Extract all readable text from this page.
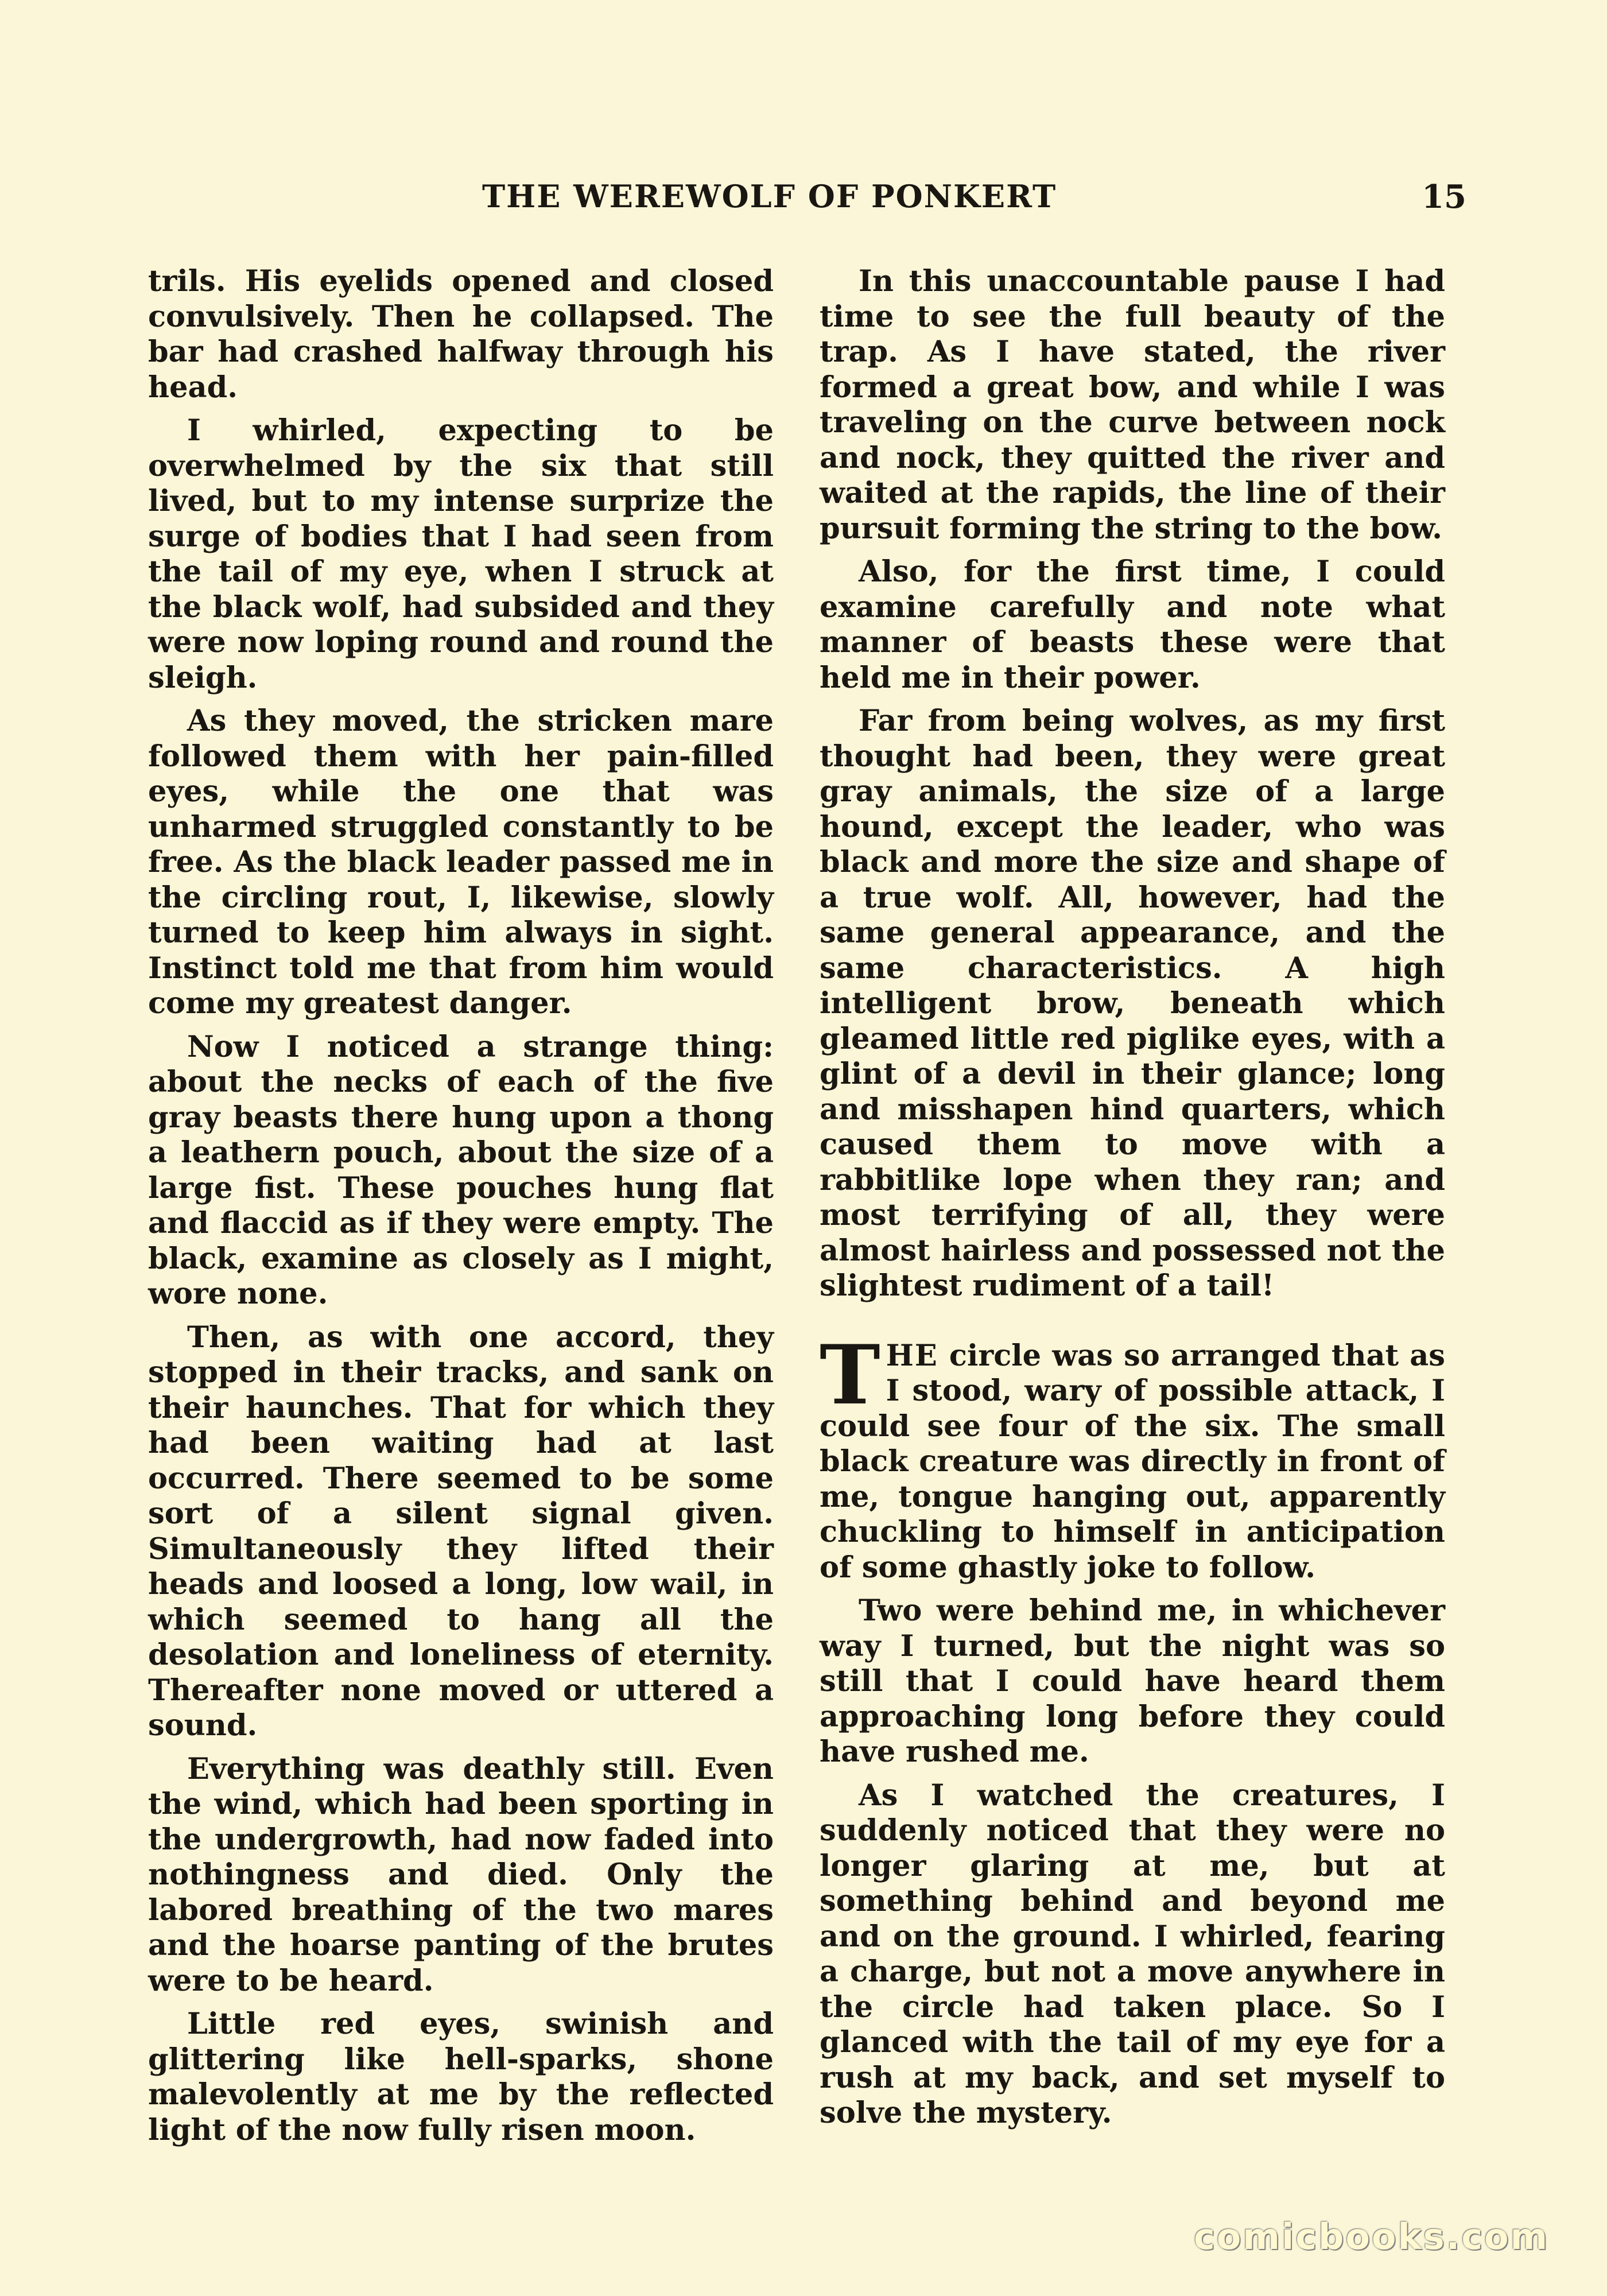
THE WEREWOLF OF PONKERT	15

trils. His eyelids opened and closed convulsively. Then he collapsed. The bar had crashed halfway through his head.

I whirled, expecting to be overwhelmed by the six that still lived, but to my intense surprize the surge of bodies that I had seen from the tail of my eye, when I struck at the black wolf, had subsided and they were now loping round and round the sleigh.

As they moved, the stricken mare followed them with her pain-filled eyes, while the one that was unharmed struggled constantly to be free. As the black leader passed me in the circling rout, I, likewise, slowly turned to keep him always in sight. Instinct told me that from him would come my greatest danger.

Now I noticed a strange thing: about the necks of each of the five gray beasts there hung upon a thong a leathern pouch, about the size of a large fist. These pouches hung flat and flaccid as if they were empty. The black, examine as closely as I might, wore none.

Then, as with one accord, they stopped in their tracks, and sank on their haunches. That for which they had been waiting had at last occurred. There seemed to be some sort of a silent signal given. Simultaneously they lifted their heads and loosed a long, low wail, in which seemed to hang all the desolation and loneliness of eternity. Thereafter none moved or uttered a sound.

Everything was deathly still. Even the wind, which had been sporting in the undergrowth, had now faded into nothingness and died. Only the labored breathing of the two mares and the hoarse panting of the brutes were to be heard.

Little red eyes, swinish and glittering like hell-sparks, shone malevolently at me by the reflected light of the now fully risen moon.

In this unaccountable pause I had time to see the full beauty of the trap. As I have stated, the river formed a great bow, and while I was traveling on the curve between nock and nock, they quitted the river and waited at the rapids, the line of their pursuit forming the string to the bow.

Also, for the first time, I could examine carefully and note what manner of beasts these were that held me in their power.

Far from being wolves, as my first thought had been, they were great gray animals, the size of a large hound, except the leader, who was black and more the size and shape of a true wolf. All, however, had the same general appearance, and the same characteristics. A high intelligent brow, beneath which gleamed little red piglike eyes, with a glint of a devil in their glance; long and misshapen hind quarters, which caused them to move with a rabbitlike lope when they ran; and most terrifying of all, they were almost hairless and possessed not the slightest rudiment of a tail!

THE circle was so arranged that as I stood, wary of possible attack, I could see four of the six. The small black creature was directly in front of me, tongue hanging out, apparently chuckling to himself in anticipation of some ghastly joke to follow.

Two were behind me, in whichever way I turned, but the night was so still that I could have heard them approaching long before they could have rushed me.

As I watched the creatures, I suddenly noticed that they were no longer glaring at me, but at something behind and beyond me and on the ground. I whirled, fearing a charge, but not a move anywhere in the circle had taken place. So I glanced with the tail of my eye for a rush at my back, and set myself to solve the mystery.

comicbooks.com
